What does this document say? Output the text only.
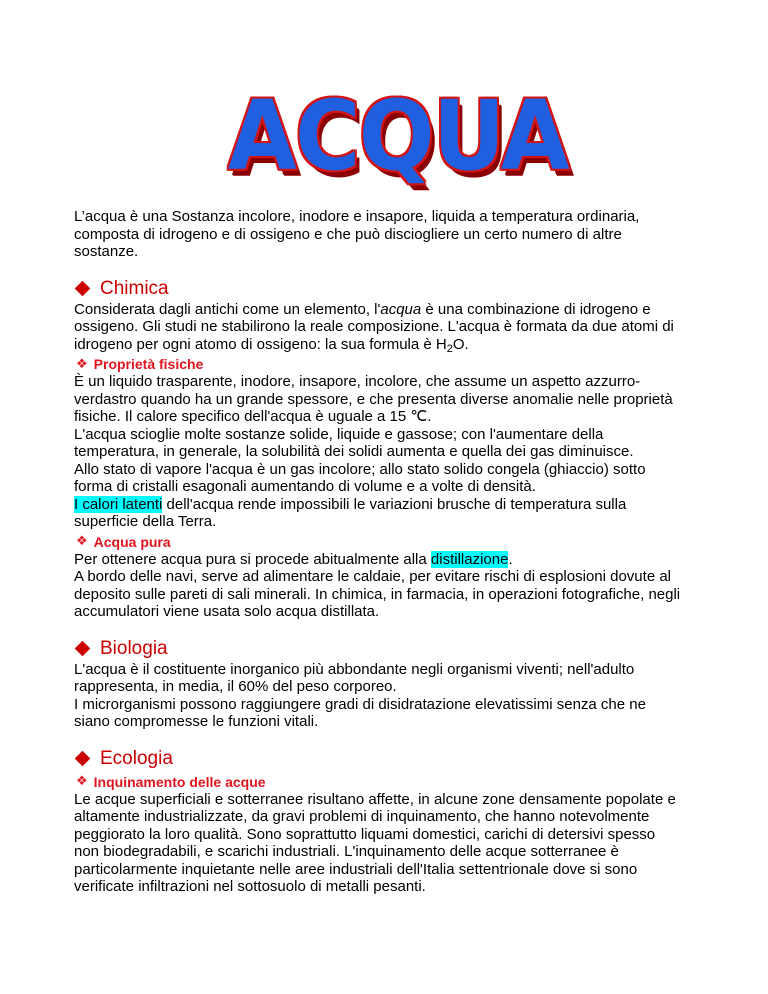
ACQUA

L’acqua è una Sostanza incolore, inodore e insapore, liquida a temperatura ordinaria, composta di idrogeno e di ossigeno e che può disciogliere un certo numero di altre sostanze.

Chimica

Considerata dagli antichi come un elemento, l'acqua è una combinazione di idrogeno e ossigeno. Gli studi ne stabilirono la reale composizione. L'acqua è formata da due atomi di idrogeno per ogni atomo di ossigeno: la sua formula è $H_2O$.

❖ Proprietà fisiche

È un liquido trasparente, inodore, insapore, incolore, che assume un aspetto azzurro-verdastro quando ha un grande spessore, e che presenta diverse anomalie nelle proprietà fisiche. Il calore specifico dell'acqua è uguale a 15 ℃.

L'acqua scioglie molte sostanze solide, liquide e gassose; con l'aumentare della temperatura, in generale, la solubilità dei solidi aumenta e quella dei gas diminuisce.

Allo stato di vapore l'acqua è un gas incolore; allo stato solido congela (ghiaccio) sotto forma di cristalli esagonali aumentando di volume e a volte di densità.

I calori latenti dell'acqua rende impossibili le variazioni brusche di temperatura sulla superficie della Terra.

❖ Acqua pura

Per ottenere acqua pura si procede abitualmente alla distillazione.

A bordo delle navi, serve ad alimentare le caldaie, per evitare rischi di esplosioni dovute al deposito sulle pareti di sali minerali. In chimica, in farmacia, in operazioni fotografiche, negli accumulatori viene usata solo acqua distillata.

Biologia

L'acqua è il costituente inorganico più abbondante negli organismi viventi; nell'adulto rappresenta, in media, il 60% del peso corporeo.

I microrganismi possono raggiungere gradi di disidratazione elevatissimi senza che ne siano compromesse le funzioni vitali.

Ecologia
❖ Inquinamento delle acque

Le acque superficiali e sotterranee risultano affette, in alcune zone densamente popolate e altamente industrializzate, da gravi problemi di inquinamento, che hanno notevolmente peggiorato la loro qualità. Sono soprattutto liquami domestici, carichi di detersivi spesso non biodegradabili, e scarichi industriali. L'inquinamento delle acque sotterranee è particolarmente inquietante nelle aree industriali dell'Italia settentrionale dove si sono verificate infiltrazioni nel sottosuolo di metalli pesanti.
